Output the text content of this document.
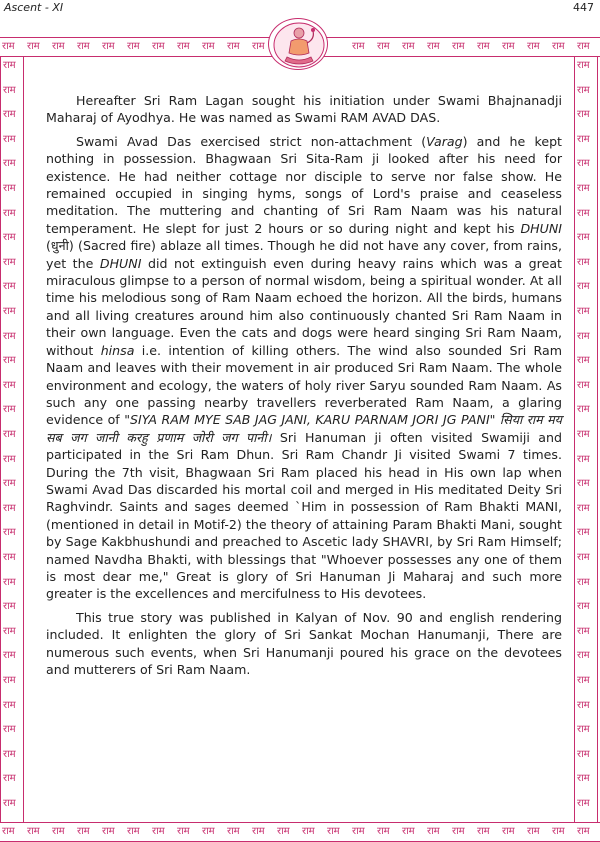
Ascent - XI	447
राम राम राम राम राम राम राम राम राम राम राम	राम राम राम राम राम राम राम राम राम राम
राम राम राम राम राम राम राम राम राम राम राम राम राम राम राम राम राम राम राम राम राम राम राम राम
राम
राम
राम
राम
राम
राम
राम
राम
राम
राम
राम
राम
राम
राम
राम
राम
राम
राम
राम
राम
राम
राम
राम
राम
राम
राम
राम
राम
राम
राम
राम
राम
राम
राम
राम
राम
राम
राम
राम
राम
राम
राम
राम
राम
राम
राम
राम
राम
राम
राम
राम
राम
राम
राम
राम
राम
राम
राम
राम
राम
राम
राम

Hereafter Sri Ram Lagan sought his initiation under Swami Bhajnanadji Maharaj of Ayodhya. He was named as Swami RAM AVAD DAS.

Swami Avad Das exercised strict non-attachment (Varag) and he kept nothing in possession. Bhagwaan Sri Sita-Ram ji looked after his need for existence. He had neither cottage nor disciple to serve nor false show. He remained occupied in singing hyms, songs of Lord's praise and ceaseless meditation. The muttering and chanting of Sri Ram Naam was his natural temperament. He slept for just 2 hours or so during night and kept his DHUNI (धुनी) (Sacred fire) ablaze all times. Though he did not have any cover, from rains, yet the DHUNI did not extinguish even during heavy rains which was a great miraculous glimpse to a person of normal wisdom, being a spiritual wonder. At all time his melodious song of Ram Naam echoed the horizon. All the birds, humans and all living creatures around him also continuously chanted Sri Ram Naam in their own language. Even the cats and dogs were heard singing Sri Ram Naam, without hinsa i.e. intention of killing others. The wind also sounded Sri Ram Naam and leaves with their movement in air produced Sri Ram Naam. The whole environment and ecology, the waters of holy river Saryu sounded Ram Naam. As such any one passing nearby travellers reverberated Ram Naam, a glaring evidence of "SIYA RAM MYE SAB JAG JANI, KARU PARNAM JORI JG PANI" सिया राम मय सब जग जानी करहु प्रणाम जोरी जग पानी। Sri Hanuman ji often visited Swamiji and participated in the Sri Ram Dhun. Sri Ram Chandr Ji visited Swami 7 times. During the 7th visit, Bhagwaan Sri Ram placed his head in His own lap when Swami Avad Das discarded his mortal coil and merged in His meditated Deity Sri Raghvindr. Saints and sages deemed `Him in possession of Ram Bhakti MANI, (mentioned in detail in Motif-2) the theory of attaining Param Bhakti Mani, sought by Sage Kakbhushundi and preached to Ascetic lady SHAVRI, by Sri Ram Himself; named Navdha Bhakti, with blessings that "Whoever possesses any one of them is most dear me," Great is glory of Sri Hanuman Ji Maharaj and such more greater is the excellences and mercifulness to His devotees.

This true story was published in Kalyan of Nov. 90 and english rendering included. It enlighten the glory of Sri Sankat Mochan Hanumanji, There are numerous such events, when Sri Hanumanji poured his grace on the devotees and mutterers of Sri Ram Naam.
